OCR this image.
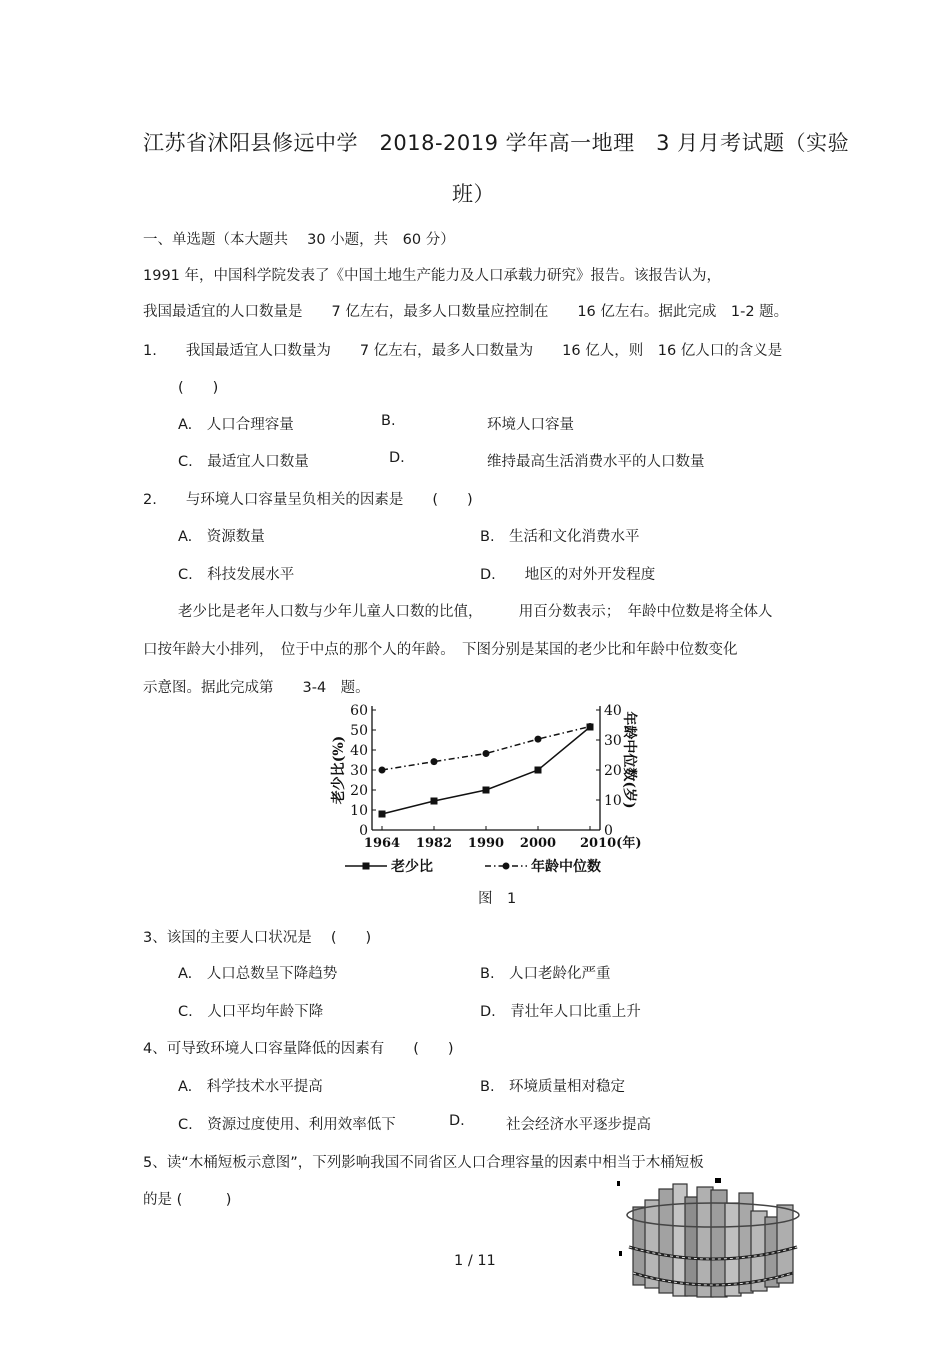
江苏省沭阳县修远中学　2018-2019 学年高一地理　3 月月考试题（实验
班）
一、单选题（本大题共　 30 小题，共　60 分）
1991 年，中国科学院发表了《中国土地生产能力及人口承载力研究》报告。该报告认为，
我国最适宜的人口数量是　　7 亿左右，最多人口数量应控制在　　16 亿左右。据此完成　1-2 题。
1.　　我国最适宜人口数量为　　7 亿左右，最多人口数量为　　16 亿人，则　16 亿人口的含义是
(　　)
A.　人口合理容量	B.	环境人口容量
C.　最适宜人口数量	D.	维持最高生活消费水平的人口数量
2.　　与环境人口容量呈负相关的因素是　　(　　)
A.　资源数量	B.　生活和文化消费水平
C.　科技发展水平	D.　　地区的对外开发程度
老少比是老年人口数与少年儿童人口数的比值，　　　用百分数表示；　年龄中位数是将全体人
口按年龄大小排列，　位于中点的那个人的年龄。　下图分别是某国的老少比和年龄中位数变化
示意图。据此完成第　　3-4　题。
0
10
20
30
40
50
60
0
10
20
30
40
1964 1982 1990 2000 2010(年)
老少比(%)	年龄中位数(岁)
老少比	年龄中位数
图　1
3、该国的主要人口状况是　 (　　)
A.　人口总数呈下降趋势	B.　人口老龄化严重
C.　人口平均年龄下降	D.　青壮年人口比重上升
4、可导致环境人口容量降低的因素有　　(　　)
A.　科学技术水平提高	B.　环境质量相对稳定
C.　资源过度使用、利用效率低下	D.	社会经济水平逐步提高
5、读“木桶短板示意图”，下列影响我国不同省区人口合理容量的因素中相当于木桶短板
的是 (　　　)
1 / 11
